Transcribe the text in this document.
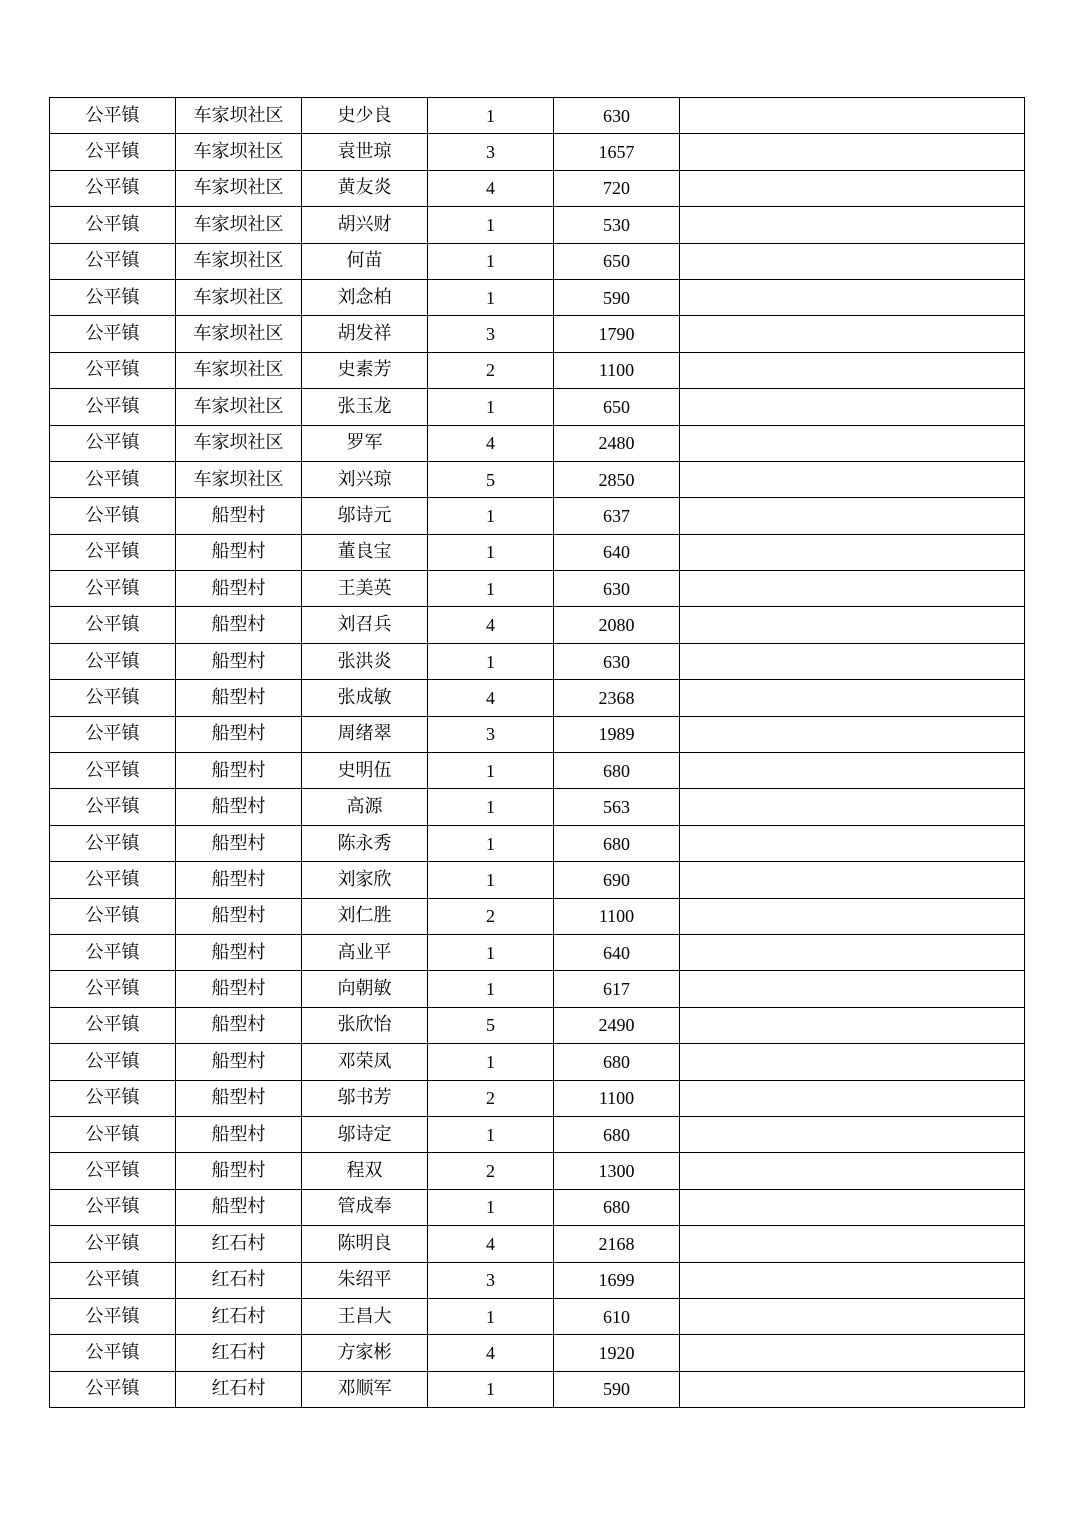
公平镇	车家坝社区	史少良	1	630	
公平镇	车家坝社区	袁世琼	3	1657	
公平镇	车家坝社区	黄友炎	4	720	
公平镇	车家坝社区	胡兴财	1	530	
公平镇	车家坝社区	何苗	1	650	
公平镇	车家坝社区	刘念柏	1	590	
公平镇	车家坝社区	胡发祥	3	1790	
公平镇	车家坝社区	史素芳	2	1100	
公平镇	车家坝社区	张玉龙	1	650	
公平镇	车家坝社区	罗军	4	2480	
公平镇	车家坝社区	刘兴琼	5	2850	
公平镇	船型村	邬诗元	1	637	
公平镇	船型村	董良宝	1	640	
公平镇	船型村	王美英	1	630	
公平镇	船型村	刘召兵	4	2080	
公平镇	船型村	张洪炎	1	630	
公平镇	船型村	张成敏	4	2368	
公平镇	船型村	周绪翠	3	1989	
公平镇	船型村	史明伍	1	680	
公平镇	船型村	高源	1	563	
公平镇	船型村	陈永秀	1	680	
公平镇	船型村	刘家欣	1	690	
公平镇	船型村	刘仁胜	2	1100	
公平镇	船型村	高业平	1	640	
公平镇	船型村	向朝敏	1	617	
公平镇	船型村	张欣怡	5	2490	
公平镇	船型村	邓荣凤	1	680	
公平镇	船型村	邬书芳	2	1100	
公平镇	船型村	邬诗定	1	680	
公平镇	船型村	程双	2	1300	
公平镇	船型村	管成奉	1	680	
公平镇	红石村	陈明良	4	2168	
公平镇	红石村	朱绍平	3	1699	
公平镇	红石村	王昌大	1	610	
公平镇	红石村	方家彬	4	1920	
公平镇	红石村	邓顺军	1	590	
